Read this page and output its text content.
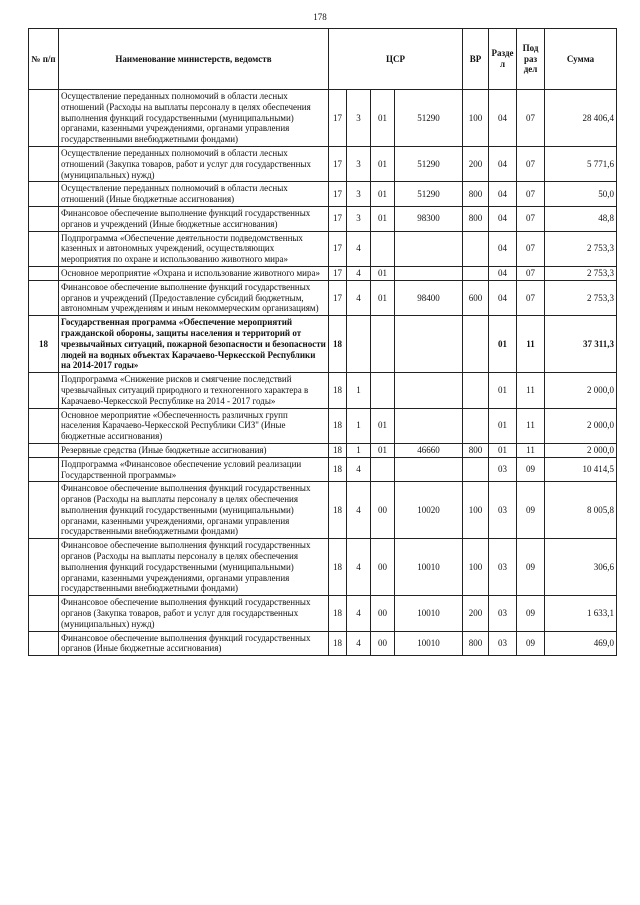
178
№ п/п	Наименование министерств, ведомств	ЦСР				ВР	Разде л	Под раз дел	Сумма
	Осуществление переданных полномочий в области лесных отношений (Расходы на выплаты персоналу в целях обеспечения выполнения функций государственными (муниципальными) органами, казенными учреждениями, органами управления государственными внебюджетными фондами)	17	3	01	51290	100	04	07	28 406,4
	Осуществление переданных полномочий в области лесных отношений (Закупка товаров, работ и услуг для государственных (муниципальных) нужд)	17	3	01	51290	200	04	07	5 771,6
	Осуществление переданных полномочий в области лесных отношений (Иные бюджетные ассигнования)	17	3	01	51290	800	04	07	50,0
	Финансовое обеспечение выполнение функций государственных органов и учреждений (Иные бюджетные ассигнования)	17	3	01	98300	800	04	07	48,8
	Подпрограмма «Обеспечение деятельности подведомственных казенных и автономных учреждений, осуществляющих мероприятия по охране и использованию животного мира»	17	4				04	07	2 753,3
	Основное мероприятие «Охрана и использование животного мира»	17	4	01			04	07	2 753,3
	Финансовое обеспечение выполнение функций государственных органов и учреждений (Предоставление субсидий бюджетным, автономным учреждениям и иным некоммерческим организациям)	17	4	01	98400	600	04	07	2 753,3
18	Государственная программа «Обеспечение мероприятий гражданской обороны, защиты населения и территорий от чрезвычайных ситуаций, пожарной безопасности и безопасности людей на водных объектах Карачаево-Черкесской Республики на 2014-2017 годы»	18					01	11	37 311,3
	Подпрограмма «Снижение рисков и смягчение последствий чрезвычайных ситуаций природного и техногенного характера в Карачаево-Черкесской Республике на 2014 - 2017 годы»	18	1				01	11	2 000,0
	Основное мероприятие «Обеспеченность различных групп населения Карачаево-Черкесской Республики СИЗ" (Иные бюджетные ассигнования)	18	1	01			01	11	2 000,0
	Резервные средства (Иные бюджетные ассигнования)	18	1	01	46660	800	01	11	2 000,0
	Подпрограмма «Финансовое обеспечение условий реализации Государственной программы»	18	4				03	09	10 414,5
	Финансовое обеспечение выполнения функций государственных органов (Расходы на выплаты персоналу в целях обеспечения выполнения функций государственными (муниципальными) органами, казенными учреждениями, органами управления государственными внебюджетными фондами)	18	4	00	10020	100	03	09	8 005,8
	Финансовое обеспечение выполнения функций государственных органов (Расходы на выплаты персоналу в целях обеспечения выполнения функций государственными (муниципальными) органами, казенными учреждениями, органами управления государственными внебюджетными фондами)	18	4	00	10010	100	03	09	306,6
	Финансовое обеспечение выполнения функций государственных органов (Закупка товаров, работ и услуг для государственных (муниципальных) нужд)	18	4	00	10010	200	03	09	1 633,1
	Финансовое обеспечение выполнения функций государственных органов (Иные бюджетные ассигнования)	18	4	00	10010	800	03	09	469,0
